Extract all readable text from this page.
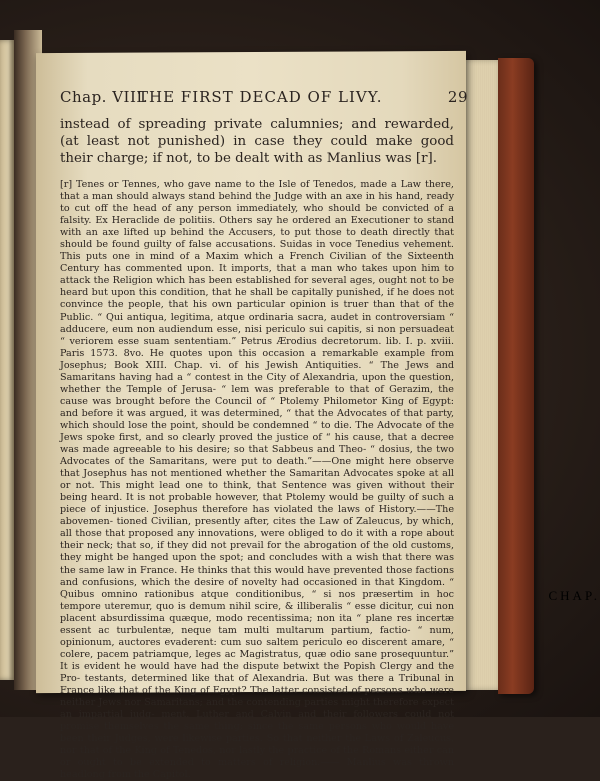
Chap. VIII.
THE FIRST DECAD OF LIVY.	29

instead of spreading private calumnies; and rewarded, (at least not punished) in case they could make good their charge; if not, to be dealt with as Manlius was [r].

[r] Tenes or Tennes, who gave name to the Isle of Tenedos, made a Law there, that a man should always stand behind the Judge with an axe in his hand, ready to cut off the head of any person immediately, who should be convicted of a falsity. Ex Heraclide de politiis. Others say he ordered an Executioner to stand with an axe lifted up behind the Accusers, to put those to death directly that should be found guilty of false accusations. Suidas in voce Tenedius vehement. This puts one in mind of a Maxim which a French Civilian of the Sixteenth Century has commented upon. It imports, that a man who takes upon him to attack the Religion which has been established for several ages, ought not to be heard but upon this condition, that he shall be capitally punished, if he does not convince the people, that his own particular opinion is truer than that of the Public. “ Qui antiqua, legitima, atque ordinaria sacra, audet in controversiam “ adducere, eum non audiendum esse, nisi periculo sui capitis, si non persuadeat “ veriorem esse suam sententiam.” Petrus Ærodius decretorum. lib. I. p. xviii. Paris 1573. 8vo. He quotes upon this occasion a remarkable example from Josephus; Book XIII. Chap. vi. of his Jewish Antiquities. “ The Jews and Samaritans having had a “ contest in the City of Alexandria, upon the question, whether the Temple of Jerusa- “ lem was preferable to that of Gerazim, the cause was brought before the Council of “ Ptolemy Philometor King of Egypt: and before it was argued, it was determined, “ that the Advocates of that party, which should lose the point, should be condemned “ to die. The Advocate of the Jews spoke first, and so clearly proved the justice of “ his cause, that a decree was made agreeable to his desire; so that Sabbeus and Theo- “ dosius, the two Advocates of the Samaritans, were put to death.”——One might here observe that Josephus has not mentioned whether the Samaritan Advocates spoke at all or not. This might lead one to think, that Sentence was given without their being heard. It is not probable however, that Ptolemy would be guilty of such a piece of injustice. Josephus therefore has violated the laws of History.——The abovemen- tioned Civilian, presently after, cites the Law of Zaleucus, by which, all those that proposed any innovations, were obliged to do it with a rope about their neck; that so, if they did not prevail for the abrogation of the old customs, they might be hanged upon the spot; and concludes with a wish that there was the same law in France. He thinks that this would have prevented those factions and confusions, which the desire of novelty had occasioned in that Kingdom. “ Quibus omnino rationibus atque conditionibus, “ si nos præsertim in hoc tempore uteremur, quo is demum nihil scire, & illiberalis “ esse dicitur, cui non placent absurdissima quæque, modo recentissima; non ita “ plane res incertæ essent ac turbulentæ, neque tam multi multarum partium, factio- “ num, opinionum, auctores evaderent: cum suo saltem periculo eo discerent amare, “ colere, pacem patriamque, leges ac Magistratus, quæ odio sane prosequuntur.” It is evident he would have had the dispute betwixt the Popish Clergy and the Pro- testants, determined like that of Alexandria. But was there a Tribunal in France like that of the King of Egypt? The latter consisted of persons who were neither Jews nor Samaritans; and the contending parties might therefore expect an impartial judg- ment. Luther and Calvin and their followers could not promise themselves the same thing; since the same persons who would have been their Judges, were likewise parties. So that neither the Laws of Zaleucus, nor that of the King of Tenedos, nor lastly the practice of the Romans either can or ought to be extended to matters of religion.—— Manlius was thrown headlong from the Capitol.

CHAP.
